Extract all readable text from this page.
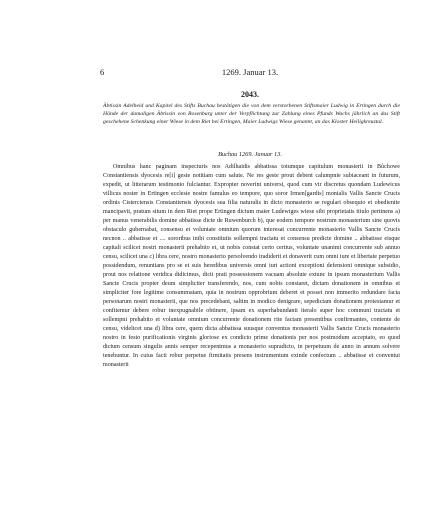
6	1269. Januar 13.
2043.

Äbtissin Adelheid und Kapitel des Stifts Buchau bestätigen die von dem verstorbenen Stiftsmaier Ludwig in Ertingen durch die Hände der damaligen Äbtissin von Rosenburg unter der Verpflichtung zur Zahlung eines Pfunds Wachs jährlich an das Stift geschehene Schenkung einer Wiese in dem Riet bei Ertingen, Maier Ludwigs Wiese genannt, an das Kloster Heiligkreuztal.

Buchau 1269. Januar 13.

Omnibus hanc paginam inspecturis nos Adilhaidis abbatissa totumque capitulum monasterii in Bůchowe Constantiensis dyocesis re[i] geste notitiam cum salute. Ne res geste prout debent calumpnie subiaceant in futurum, expedit, ut litterarum testimonio fulciantur. Expropter noverint universi, quod cum vir discretus quondam Ludewicus villicus noster in Ertingen ecclesie nostre famulus eo tempore, quo soror Irmen[gardis] monialis Vallis Sancte Crucis ordinis Cisterciensis Constantiensis dyocesis sua filia naturalis in dicto monasterio se regulari obsequio et obedientie mancipavit, pratum situm in dem Riet prope Ertingen dictum maier Ludewiges wiese sibi proprietatis titulo pertinens a) per manus venerabilis domine abbatisse dicte de Ruwenburch b), que eodem tempore nostrum monasterium sine quovis obstaculo gubernabat, consensu et voluntate omnium quorum interesat concurrente monasterio Vallis Sancte Crucis necnon .. abbatisse et .... sororibus inibi constitutis sollempni tractatu et consensu predicte domine .. abbatisse eisque capitali scilicet nostri monasterii prehabito et, ut nobis constat certo certius, voluntate unanimi concurrente sub annuo censu, scilicet una c) libra cere, nostro monasterio persolvendo tradiderit et donaverit cum omni iure et libertate perpetuo possidendum, renuntians pro se et suis heredibus universis omni iuri actioni exceptioni defensioni omnique subsidio, prout nos relatione veridica didicimus, dicti prati possessionem vacuam absolute extunc in ipsum monasterium Vallis Sancte Crucis propter deum simpliciter transferendo, nos, cum nobis constaret, dictam donationem in omnibus et simpliciter fore legitime consummatam, quia in nostrum opprobrium deberet et posset non immerito redundare facta personarum nostri monasterii, que nos precedebant, saltim in modico denigrare, sepedictam donationem protestamur et confitemur debere robur inexpugnabile obtinere, ipsam ex superhabundanti iteralo super hoc communi tractatu et sollempni prehabito et voluntate omnium concurrente donationem rite factam presentibus confirmantes, contente de censu, videlicet una d) libra cere, quem dicta abbatissa suusque conventus monasterii Vallis Sancte Crucis monasterio nostro in festo purificationis virginis gloriose ex condicto prime donationis per nos postmodum acceptato, eo quod dictum censum singulis annis semper recepentmus a monasterio supradicto, in perpetuum de anno in annum solvere tenebuntur. In cuius facti robur perpetue firmitatis presens instrumentum exinde confectum .. abbatisse et conventui monasterii
